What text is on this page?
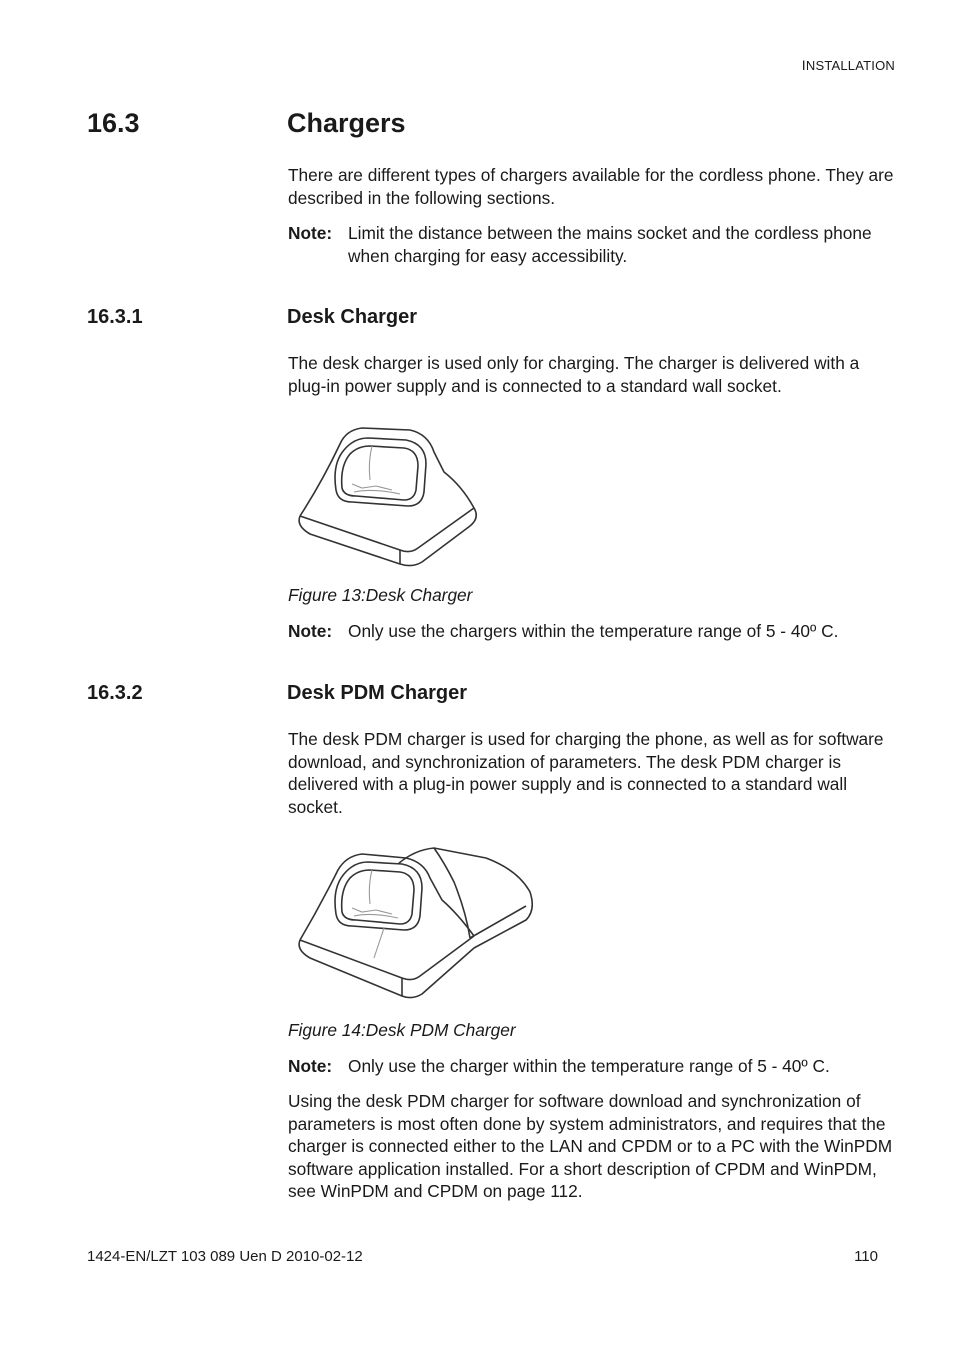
INSTALLATION
16.3	Chargers
There are different types of chargers available for the cordless phone. They are described in the following sections.
Note: Limit the distance between the mains socket and the cordless phone when charging for easy accessibility.
16.3.1	Desk Charger
The desk charger is used only for charging. The charger is delivered with a plug-in power supply and is connected to a standard wall socket.
Figure 13:Desk Charger
Note: Only use the chargers within the temperature range of 5 - 40º C.
16.3.2	Desk PDM Charger
The desk PDM charger is used for charging the phone, as well as for software download, and synchronization of parameters. The desk PDM charger is delivered with a plug-in power supply and is connected to a standard wall socket.
Figure 14:Desk PDM Charger
Note: Only use the charger within the temperature range of 5 - 40º C.
Using the desk PDM charger for software download and synchronization of parameters is most often done by system administrators, and requires that the charger is connected either to the LAN and CPDM or to a PC with the WinPDM software application installed. For a short description of CPDM and WinPDM, see WinPDM and CPDM on page 112.
1424-EN/LZT 103 089 Uen D 2010-02-12	110
